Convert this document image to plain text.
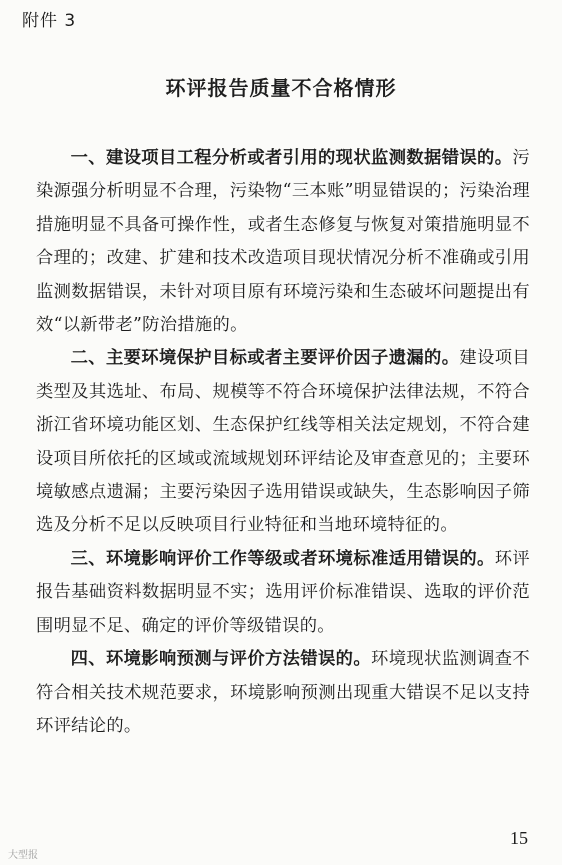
附件 3
环评报告质量不合格情形

一、建设项目工程分析或者引用的现状监测数据错误的。污染源强分析明显不合理，污染物“三本账”明显错误的；污染治理措施明显不具备可操作性，或者生态修复与恢复对策措施明显不合理的；改建、扩建和技术改造项目现状情况分析不准确或引用监测数据错误，未针对项目原有环境污染和生态破坏问题提出有效“以新带老”防治措施的。

二、主要环境保护目标或者主要评价因子遗漏的。建设项目类型及其选址、布局、规模等不符合环境保护法律法规，不符合浙江省环境功能区划、生态保护红线等相关法定规划，不符合建设项目所依托的区域或流域规划环评结论及审查意见的；主要环境敏感点遗漏；主要污染因子选用错误或缺失，生态影响因子筛选及分析不足以反映项目行业特征和当地环境特征的。

三、环境影响评价工作等级或者环境标准适用错误的。环评报告基础资料数据明显不实；选用评价标准错误、选取的评价范围明显不足、确定的评价等级错误的。

四、环境影响预测与评价方法错误的。环境现状监测调查不符合相关技术规范要求，环境影响预测出现重大错误不足以支持环评结论的。

15
大型报
